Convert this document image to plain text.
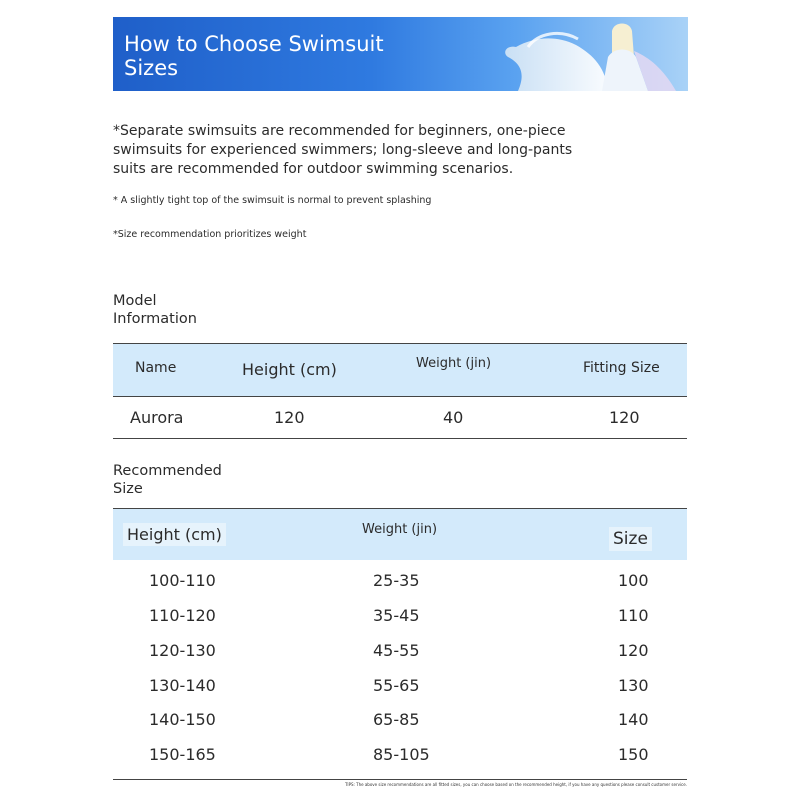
How to Choose Swimsuit Sizes
*Separate swimsuits are recommended for beginners, one-piece swimsuits for experienced swimmers; long-sleeve and long-pants suits are recommended for outdoor swimming scenarios.
* A slightly tight top of the swimsuit is normal to prevent splashing
*Size recommendation prioritizes weight
Model Information
Name	Height (cm)	Weight (jin)	Fitting Size
Aurora	120	40	120
Recommended Size
Height (cm)	Weight (jin)	Size
100-110	25-35	100
110-120	35-45	110
120-130	45-55	120
130-140	55-65	130
140-150	65-85	140
150-165	85-105	150
TIPS: The above size recommendations are all fitted sizes, you can choose based on the recommended height, if you have any questions please consult customer service.
